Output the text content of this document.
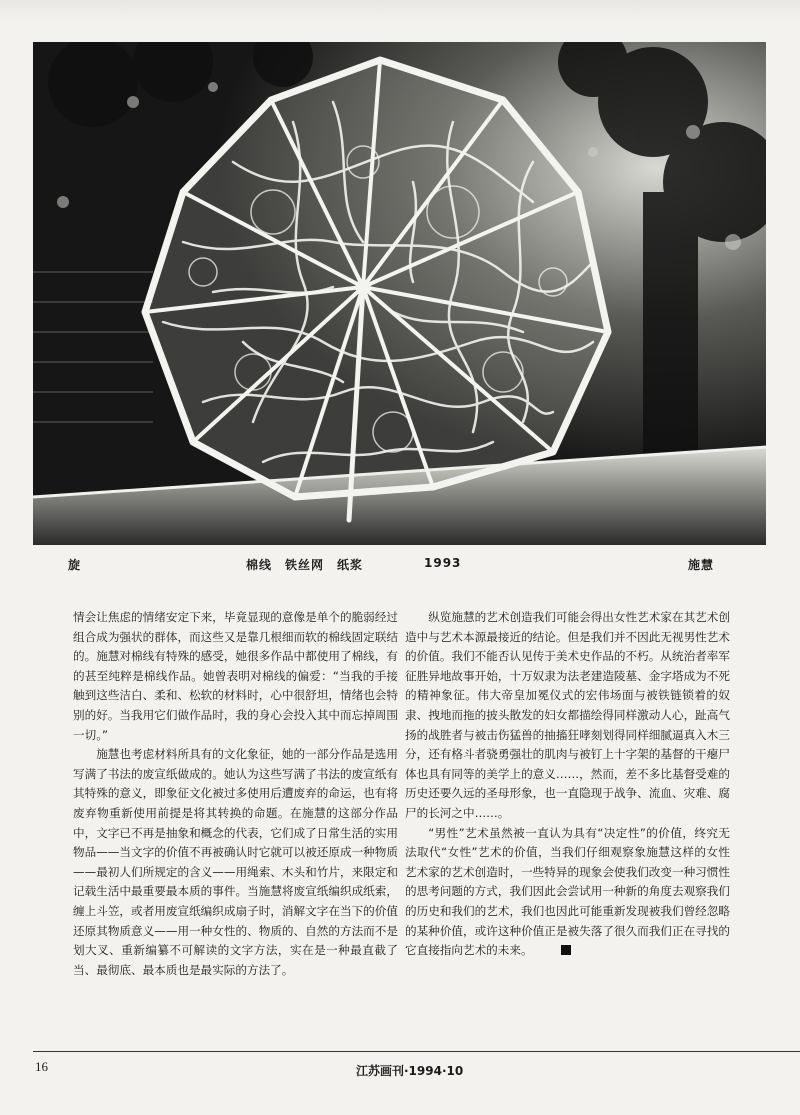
旋	棉线　铁丝网　纸浆	1993	施慧

情会让焦虑的情绪安定下来，毕竟显现的意像是单个的脆弱经过组合成为强状的群体，而这些又是靠几根细而软的棉线固定联结的。施慧对棉线有特殊的感受，她很多作品中都使用了棉线，有的甚至纯粹是棉线作品。她曾表明对棉线的偏爱：“当我的手接触到这些洁白、柔和、松软的材料时，心中很舒坦，情绪也会特别的好。当我用它们做作品时，我的身心会投入其中而忘掉周围一切。”

施慧也考虑材料所具有的文化象征，她的一部分作品是选用写满了书法的废宣纸做成的。她认为这些写满了书法的废宣纸有其特殊的意义，即象征文化被过多使用后遭废弃的命运，也有将废弃物重新使用前提是将其转换的命题。在施慧的这部分作品中，文字已不再是抽象和概念的代表，它们成了日常生活的实用物品——当文字的价值不再被确认时它就可以被还原成一种物质——最初人们所规定的含义——用绳索、木头和竹片，来限定和记载生活中最重要最本质的事件。当施慧将废宣纸编织成纸索，缠上斗笠，或者用废宣纸编织成扇子时，消解文字在当下的价值还原其物质意义——用一种女性的、物质的、自然的方法而不是划大叉、重新编纂不可解读的文字方法，实在是一种最直截了当、最彻底、最本质也是最实际的方法了。

纵览施慧的艺术创造我们可能会得出女性艺术家在其艺术创造中与艺术本源最接近的结论。但是我们并不因此无视男性艺术的价值。我们不能否认见传于美术史作品的不朽。从统治者率军征胜异地故事开始，十万奴隶为法老建造陵墓、金字塔成为不死的精神象征。伟大帝皇加冕仪式的宏伟场面与被铁链锁着的奴隶、拽地而拖的披头散发的妇女都描绘得同样激动人心，趾高气扬的战胜者与被击伤猛兽的抽搐狂哮刻划得同样细腻逼真入木三分，还有格斗者骁勇强壮的肌肉与被钉上十字架的基督的干瘪尸体也具有同等的美学上的意义……，然而，差不多比基督受难的历史还要久远的圣母形象，也一直隐现于战争、流血、灾难、腐尸的长河之中……。

“男性”艺术虽然被一直认为具有“决定性”的价值，终究无法取代“女性”艺术的价值，当我们仔细观察象施慧这样的女性艺术家的艺术创造时，一些特异的现象会使我们改变一种习惯性的思考问题的方式，我们因此会尝试用一种新的角度去观察我们的历史和我们的艺术，我们也因此可能重新发现被我们曾经忽略的某种价值，或许这种价值正是被失落了很久而我们正在寻找的它直接指向艺术的未来。

16	江苏画刊·1994·10
